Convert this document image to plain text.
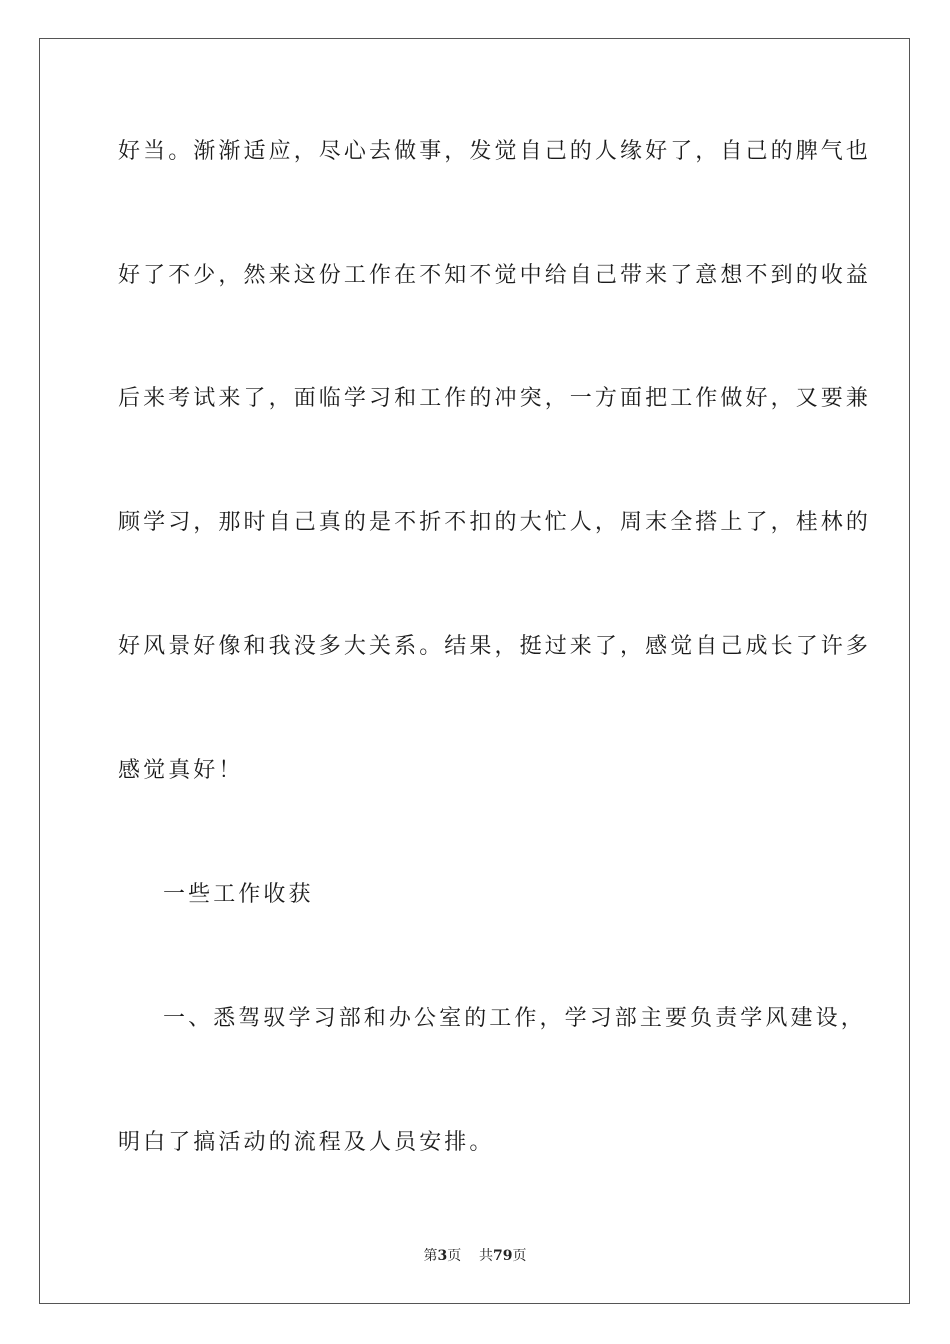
好当。渐渐适应，尽心去做事，发觉自己的人缘好了，自己的脾气也
好了不少，然来这份工作在不知不觉中给自己带来了意想不到的收益
后来考试来了，面临学习和工作的冲突，一方面把工作做好，又要兼
顾学习，那时自己真的是不折不扣的大忙人，周末全搭上了，桂林的
好风景好像和我没多大关系。结果，挺过来了，感觉自己成长了许多
感觉真好！
一些工作收获
一、悉驾驭学习部和办公室的工作，学习部主要负责学风建设，
明白了搞活动的流程及人员安排。
第3页 共79页
